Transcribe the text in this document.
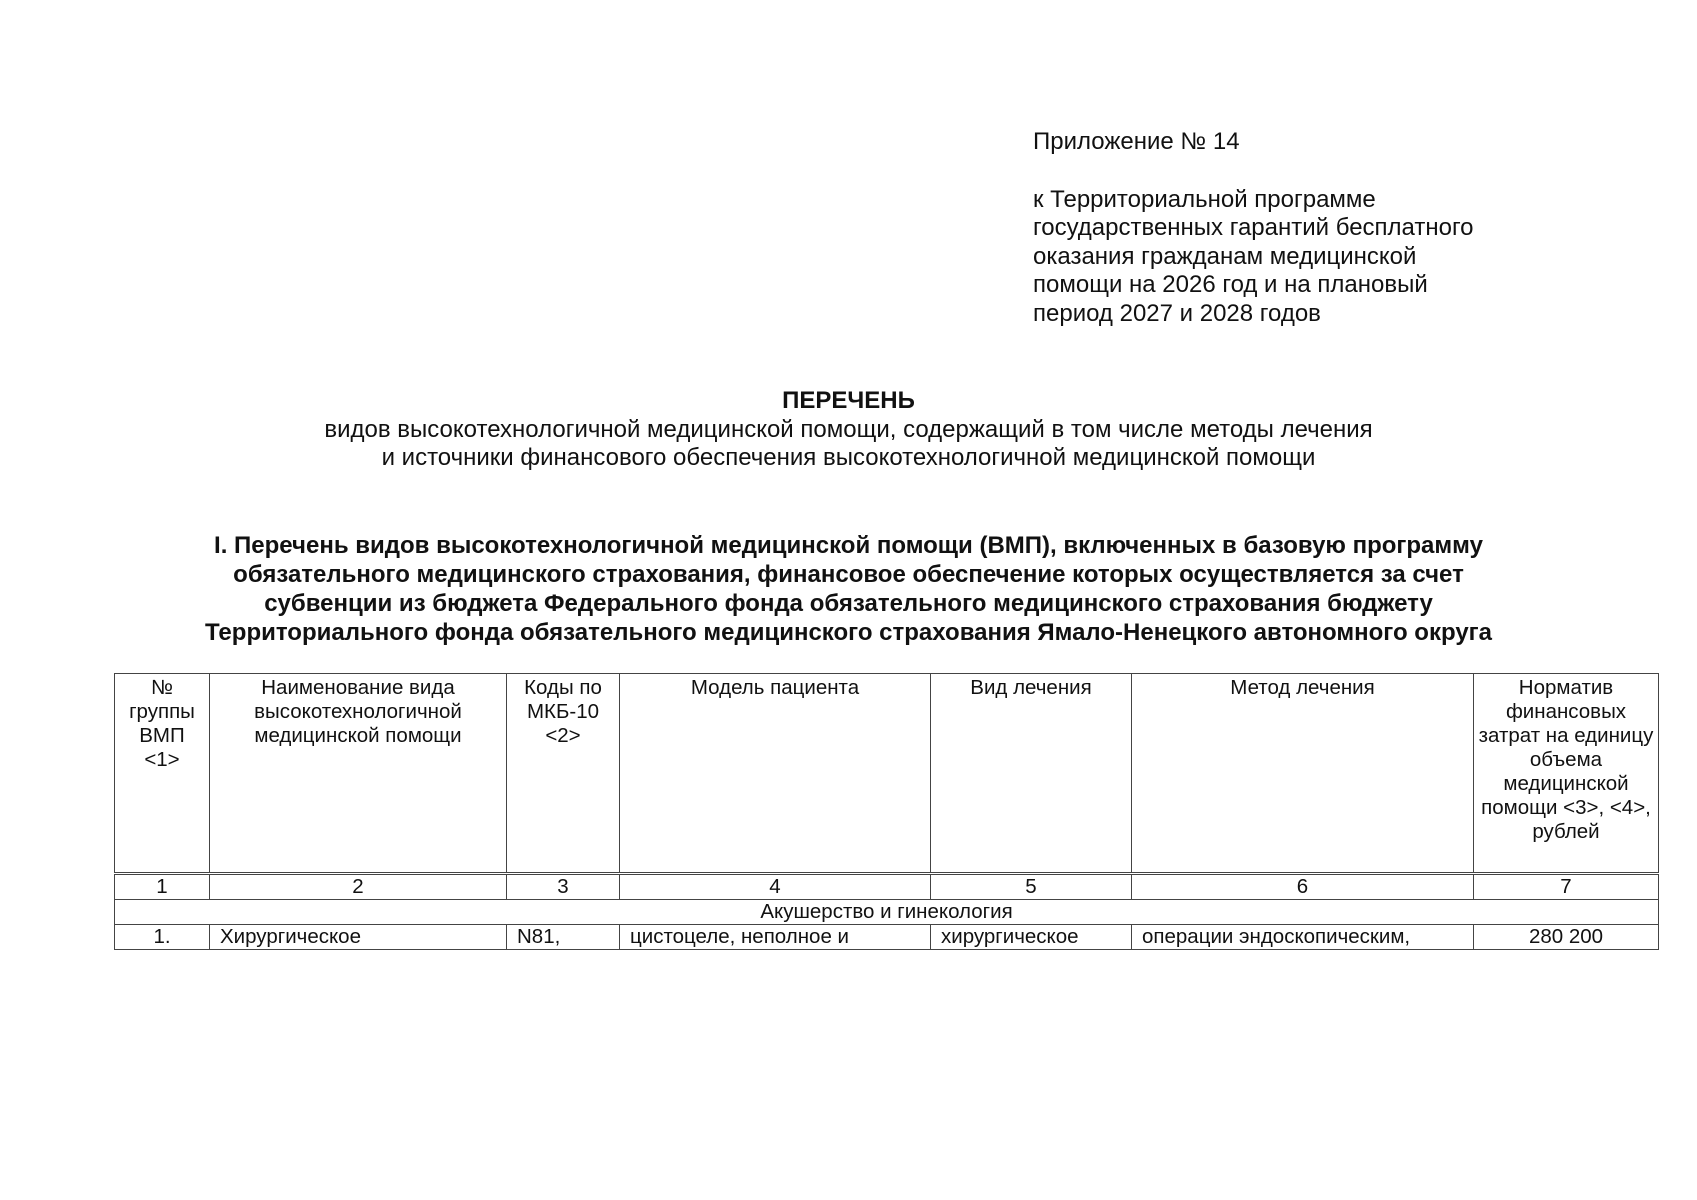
Приложение № 14
к Территориальной программе
государственных гарантий бесплатного
оказания гражданам медицинской
помощи на 2026 год и на плановый
период 2027 и 2028 годов
ПЕРЕЧЕНЬ
видов высокотехнологичной медицинской помощи, содержащий в том числе методы лечения
и источники финансового обеспечения высокотехнологичной медицинской помощи
I. Перечень видов высокотехнологичной медицинской помощи (ВМП), включенных в базовую программу
обязательного медицинского страхования, финансовое обеспечение которых осуществляется за счет
субвенции из бюджета Федерального фонда обязательного медицинского страхования бюджету
Территориального фонда обязательного медицинского страхования Ямало-Ненецкого автономного округа
№ группы ВМП <1>	Наименование вида высокотехнологичной медицинской помощи	Коды по МКБ-10 <2>	Модель пациента	Вид лечения	Метод лечения	Норматив финансовых затрат на единицу объема медицинской помощи <3>, <4>, рублей
1	2	3	4	5	6	7
Акушерство и гинекология						
1.	Хирургическое	N81,	цистоцеле, неполное и	хирургическое	операции эндоскопическим,	280 200
